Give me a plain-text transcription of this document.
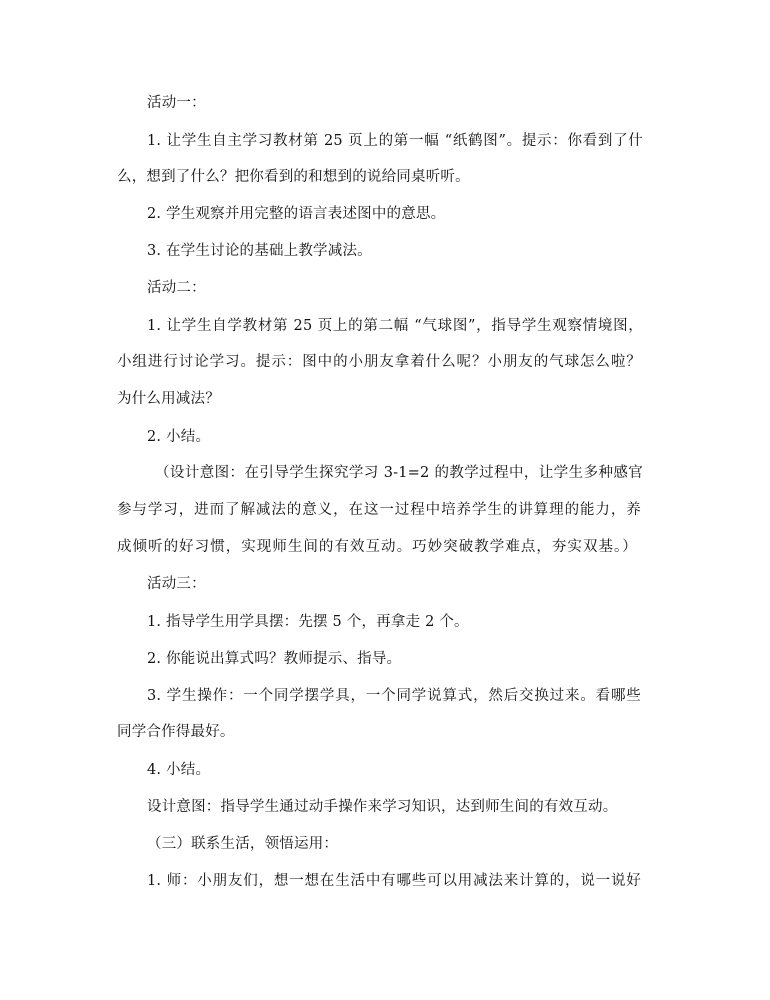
活动一：
1. 让学生自主学习教材第 25 页上的第一幅 “纸鹤图”。提示：你看到了什
么，想到了什么？把你看到的和想到的说给同桌听听。
2. 学生观察并用完整的语言表述图中的意思。
3. 在学生讨论的基础上教学减法。
活动二：
1. 让学生自学教材第 25 页上的第二幅 “气球图”，指导学生观察情境图，
小组进行讨论学习。提示：图中的小朋友拿着什么呢？小朋友的气球怎么啦？
为什么用减法？
2. 小结。
（设计意图：在引导学生探究学习 3-1=2 的教学过程中，让学生多种感官
参与学习，进而了解减法的意义，在这一过程中培养学生的讲算理的能力，养
成倾听的好习惯，实现师生间的有效互动。巧妙突破教学难点，夯实双基。）
活动三：
1. 指导学生用学具摆：先摆 5 个，再拿走 2 个。
2. 你能说出算式吗？教师提示、指导。
3. 学生操作：一个同学摆学具，一个同学说算式，然后交换过来。看哪些
同学合作得最好。
4. 小结。
设计意图：指导学生通过动手操作来学习知识，达到师生间的有效互动。
（三）联系生活，领悟运用：
1. 师：小朋友们，想一想在生活中有哪些可以用减法来计算的，说一说好
